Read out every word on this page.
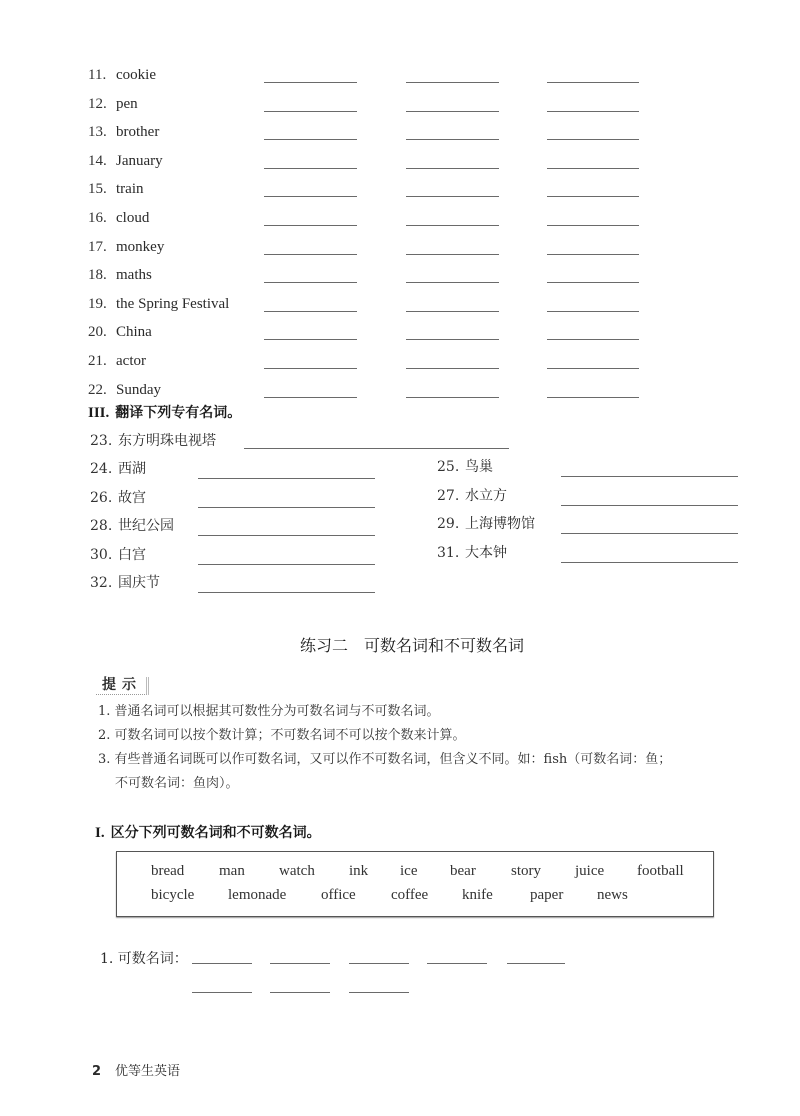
11. cookie
12. pen
13. brother
14. January
15. train
16. cloud
17. monkey
18. maths
19. the Spring Festival
20. China
21. actor
22. Sunday
III. 翻译下列专有名词。
23. 东方明珠电视塔
24. 西湖
26. 故宫
28. 世纪公园
30. 白宫
32. 国庆节
25. 鸟巢
27. 水立方
29. 上海博物馆
31. 大本钟
练习二　可数名词和不可数名词
提示
1. 普通名词可以根据其可数性分为可数名词与不可数名词。
2. 可数名词可以按个数计算；不可数名词不可以按个数来计算。
3. 有些普通名词既可以作可数名词，又可以作不可数名词，但含义不同。如：fish（可数名词：鱼；
不可数名词：鱼肉）。
I. 区分下列可数名词和不可数名词。
bread man watch ink ice bear story juice football
bicycle lemonade office coffee knife paper news
1. 可数名词：
2 优等生英语
